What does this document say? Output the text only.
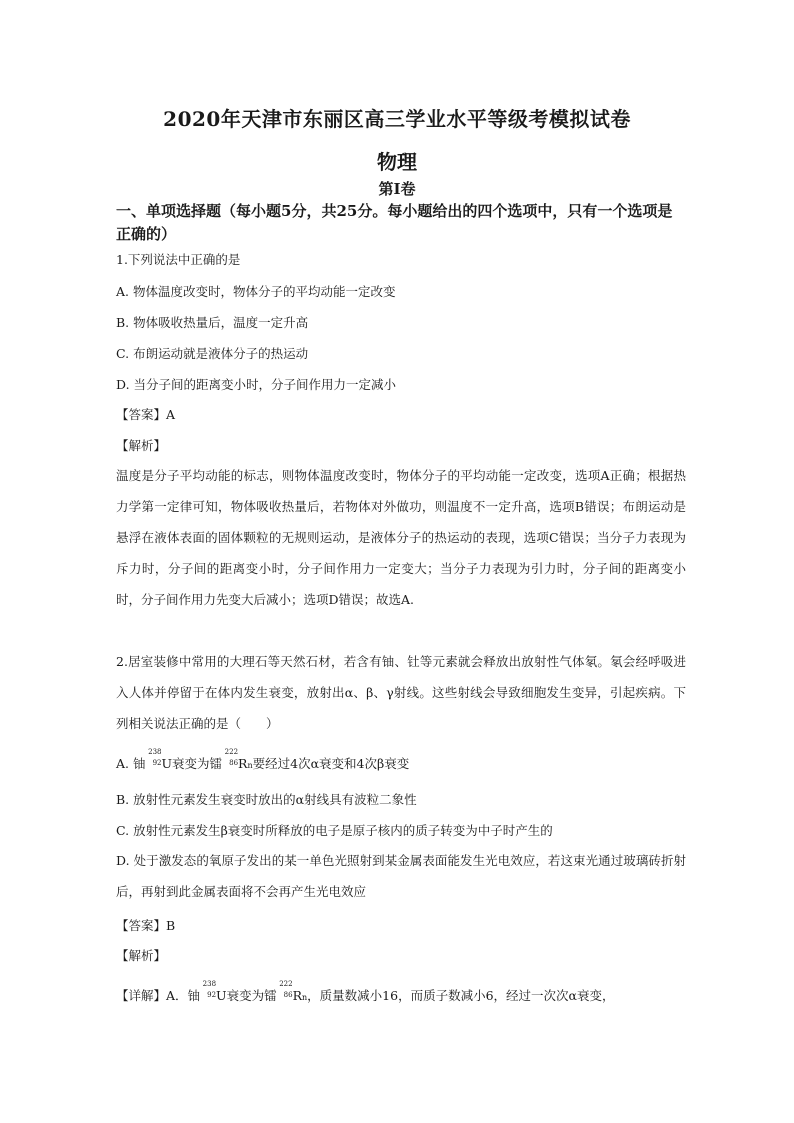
2020年天津市东丽区高三学业水平等级考模拟试卷
物理
第I卷
一、单项选择题（每小题5分，共25分。每小题给出的四个选项中，只有一个选项是正确的）
1.下列说法中正确的是
A. 物体温度改变时，物体分子的平均动能一定改变
B. 物体吸收热量后，温度一定升高
C. 布朗运动就是液体分子的热运动
D. 当分子间的距离变小时，分子间作用力一定减小
【答案】A
【解析】
温度是分子平均动能的标志，则物体温度改变时，物体分子的平均动能一定改变，选项A正确；根据热力学第一定律可知，物体吸收热量后，若物体对外做功，则温度不一定升高，选项B错误；布朗运动是悬浮在液体表面的固体颗粒的无规则运动，是液体分子的热运动的表现，选项C错误；当分子力表现为斥力时，分子间的距离变小时，分子间作用力一定变大；当分子力表现为引力时，分子间的距离变小时，分子间作用力先变大后减小；选项D错误；故选A.
2.居室装修中常用的大理石等天然石材，若含有铀、钍等元素就会释放出放射性气体氡。氡会经呼吸进入人体并停留于在体内发生衰变，放射出α、β、γ射线。这些射线会导致细胞发生变异，引起疾病。下列相关说法正确的是（　　）
A. 铀
238
92 U衰变为镭
222
86 Rn要经过4次α衰变和4次β衰变
B. 放射性元素发生衰变时放出的α射线具有波粒二象性
C. 放射性元素发生β衰变时所释放的电子是原子核内的质子转变为中子时产生的
D. 处于激发态的氧原子发出的某一单色光照射到某金属表面能发生光电效应，若这束光通过玻璃砖折射后，再射到此金属表面将不会再产生光电效应
【答案】B
【解析】
【详解】A．铀
238
92 U衰变为镭
222
86 Rn，质量数减小16，而质子数减小6，经过一次次α衰变，
